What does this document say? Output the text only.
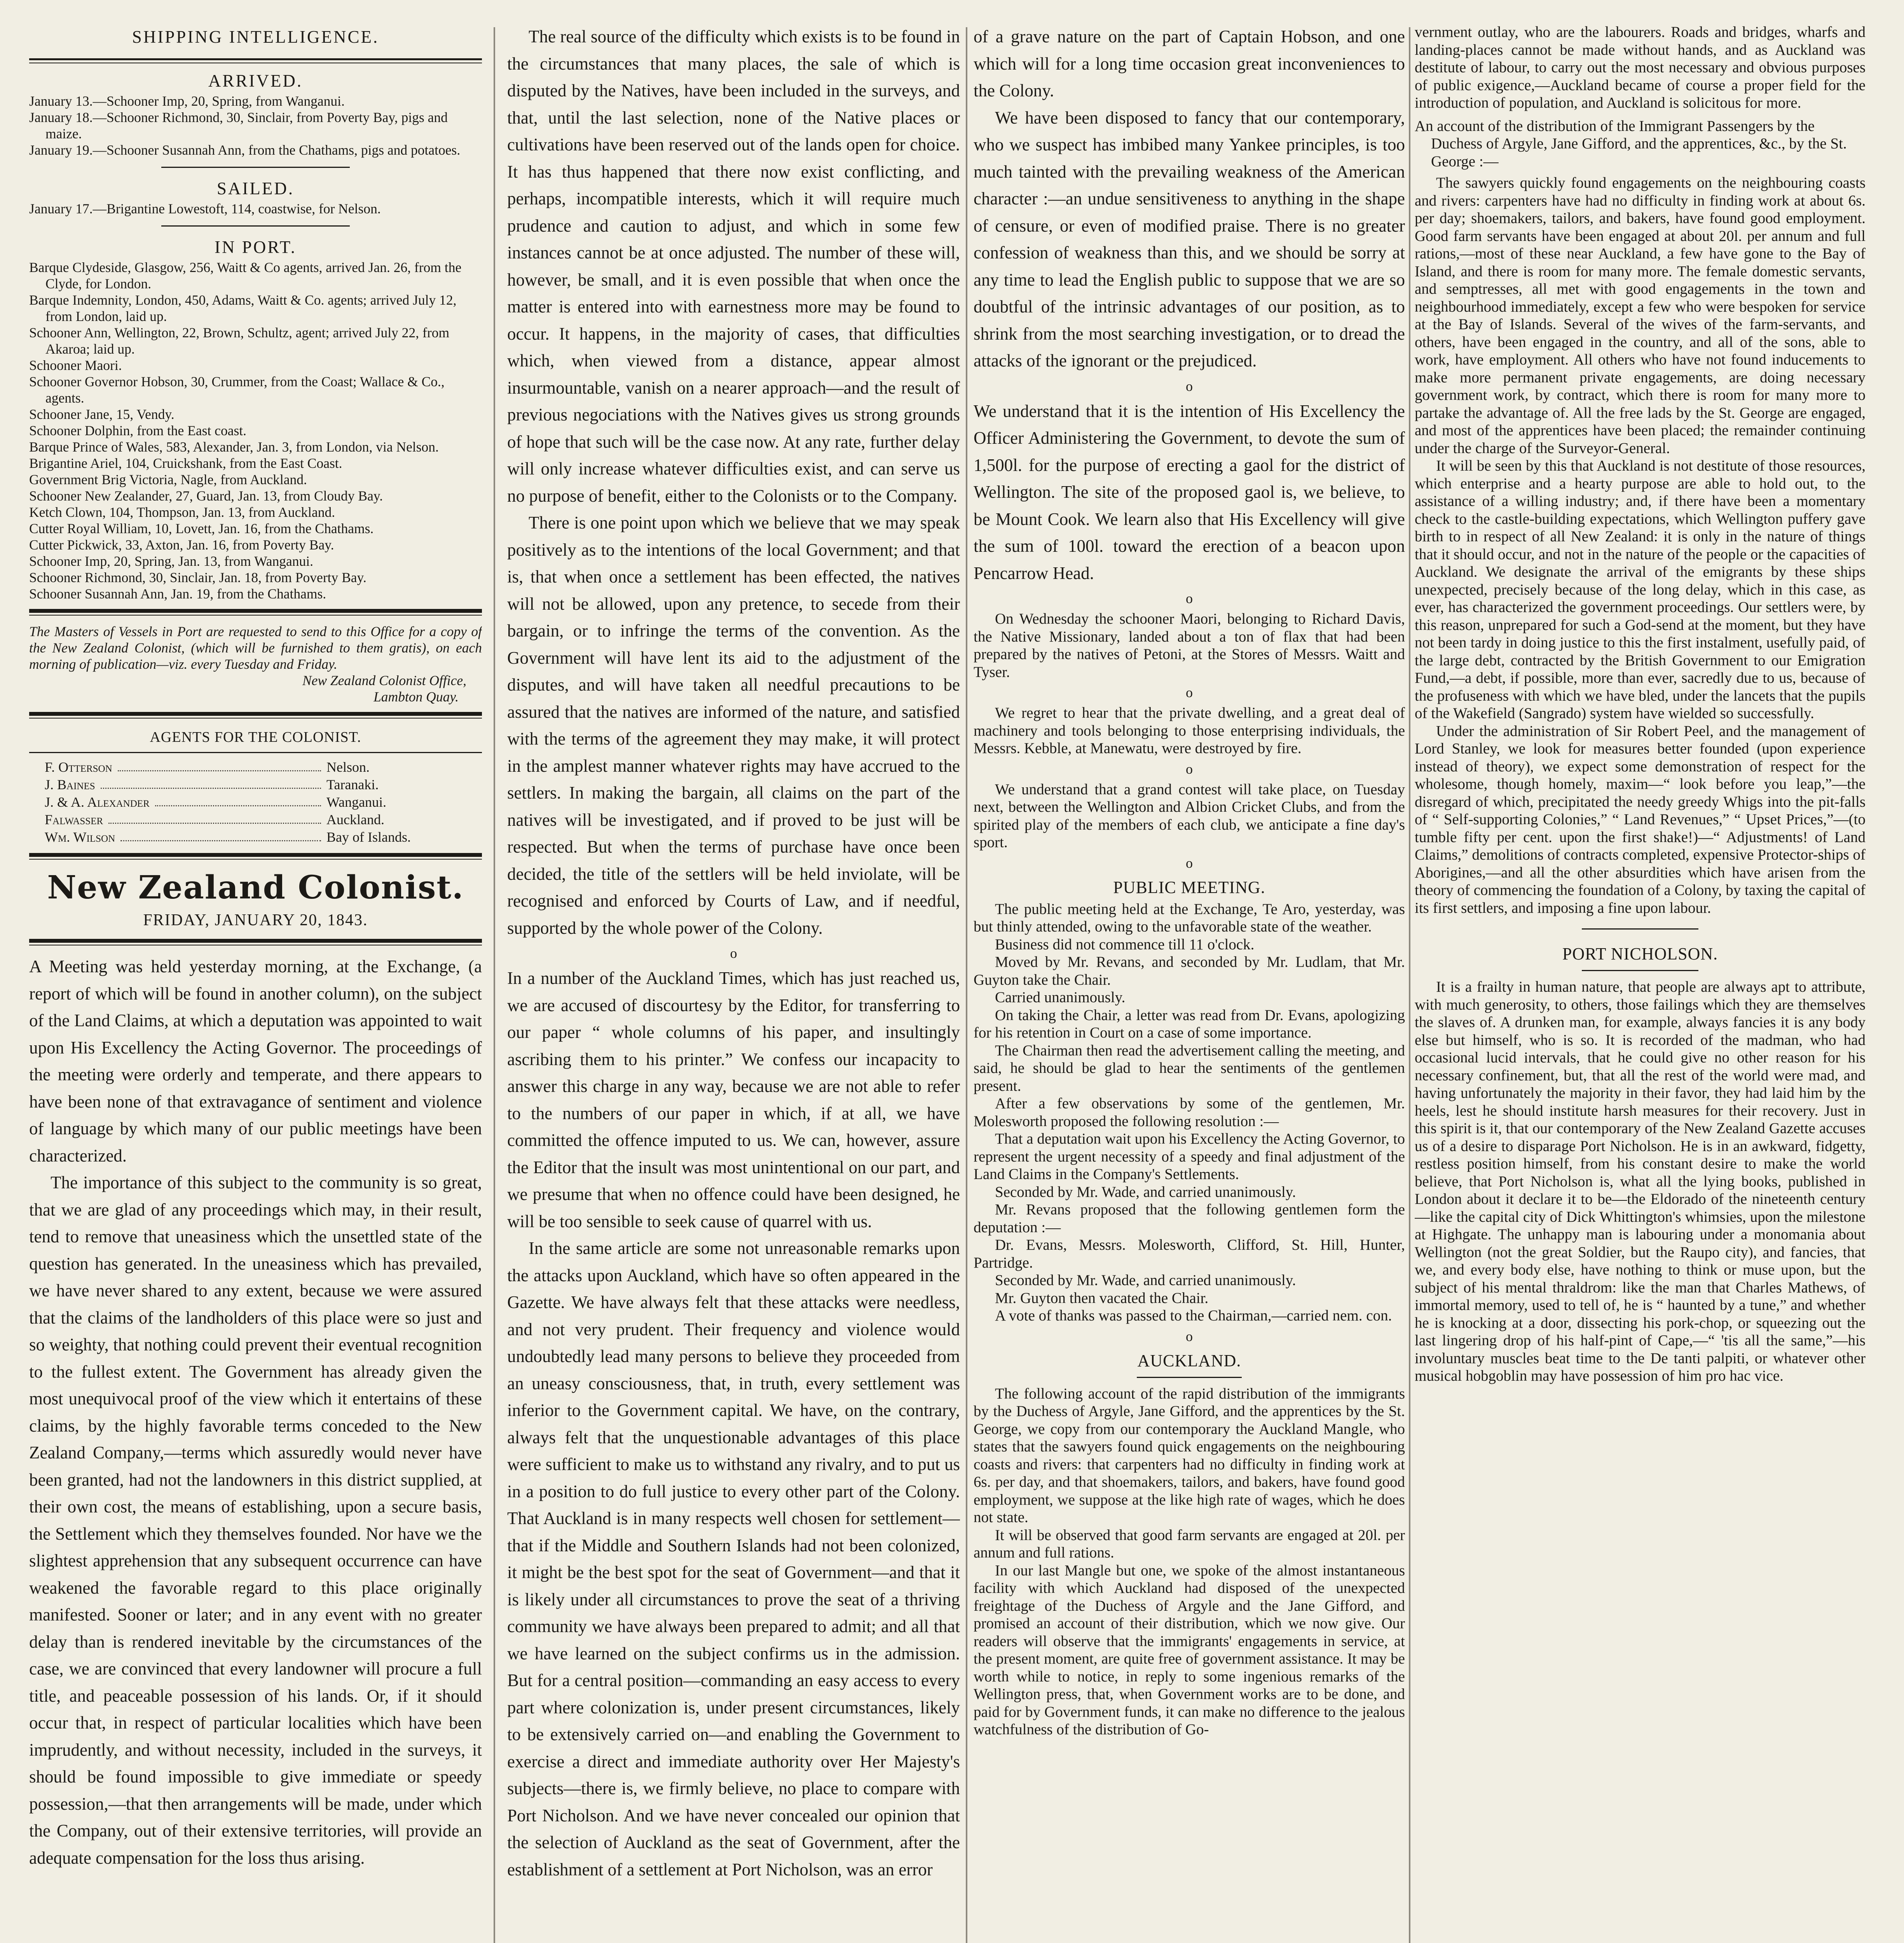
SHIPPING INTELLIGENCE.

ARRIVED.

January 13.—Schooner Imp, 20, Spring, from Wanganui.

January 18.—Schooner Richmond, 30, Sinclair, from Poverty Bay, pigs and maize.

January 19.—Schooner Susannah Ann, from the Chathams, pigs and potatoes.

SAILED.

January 17.—Brigantine Lowestoft, 114, coastwise, for Nelson.

IN PORT.

Barque Clydeside, Glasgow, 256, Waitt & Co agents, arrived Jan. 26, from the Clyde, for London.

Barque Indemnity, London, 450, Adams, Waitt & Co. agents; arrived July 12, from London, laid up.

Schooner Ann, Wellington, 22, Brown, Schultz, agent; arrived July 22, from Akaroa; laid up.

Schooner Maori.

Schooner Governor Hobson, 30, Crummer, from the Coast; Wallace & Co., agents.

Schooner Jane, 15, Vendy.

Schooner Dolphin, from the East coast.

Barque Prince of Wales, 583, Alexander, Jan. 3, from London, via Nelson.

Brigantine Ariel, 104, Cruickshank, from the East Coast.

Government Brig Victoria, Nagle, from Auckland.

Schooner New Zealander, 27, Guard, Jan. 13, from Cloudy Bay.

Ketch Clown, 104, Thompson, Jan. 13, from Auckland.

Cutter Royal William, 10, Lovett, Jan. 16, from the Chathams.

Cutter Pickwick, 33, Axton, Jan. 16, from Poverty Bay.

Schooner Imp, 20, Spring, Jan. 13, from Wanganui.

Schooner Richmond, 30, Sinclair, Jan. 18, from Poverty Bay.

Schooner Susannah Ann, Jan. 19, from the Chathams.

The Masters of Vessels in Port are requested to send to this Office for a copy of the New Zealand Colonist, (which will be furnished to them gratis), on each morning of publication—viz. every Tuesday and Friday.

New Zealand Colonist Office,

Lambton Quay.

AGENTS FOR THE COLONIST.

F. Otterson	Nelson.
J. Baines	Taranaki.
J. & A. Alexander	Wanganui.
Falwasser	Auckland.
Wm. Wilson	Bay of Islands.

New Zealand Colonist.

FRIDAY, JANUARY 20, 1843.

A Meeting was held yesterday morning, at the Exchange, (a report of which will be found in another column), on the subject of the Land Claims, at which a deputation was appointed to wait upon His Excellency the Acting Governor. The proceedings of the meeting were orderly and temperate, and there appears to have been none of that extravagance of sentiment and violence of language by which many of our public meetings have been characterized.

The importance of this subject to the community is so great, that we are glad of any proceedings which may, in their result, tend to remove that uneasiness which the unsettled state of the question has generated. In the uneasiness which has prevailed, we have never shared to any extent, because we were assured that the claims of the landholders of this place were so just and so weighty, that nothing could prevent their eventual recognition to the fullest extent. The Government has already given the most unequivocal proof of the view which it entertains of these claims, by the highly favorable terms conceded to the New Zealand Company,—terms which assuredly would never have been granted, had not the landowners in this district supplied, at their own cost, the means of establishing, upon a secure basis, the Settlement which they themselves founded. Nor have we the slightest apprehension that any subsequent occurrence can have weakened the favorable regard to this place originally manifested. Sooner or later; and in any event with no greater delay than is rendered inevitable by the circumstances of the case, we are convinced that every landowner will procure a full title, and peaceable possession of his lands. Or, if it should occur that, in respect of particular localities which have been imprudently, and without necessity, included in the surveys, it should be found impossible to give immediate or speedy possession,—that then arrangements will be made, under which the Company, out of their extensive territories, will provide an adequate compensation for the loss thus arising.

The real source of the difficulty which exists is to be found in the circumstances that many places, the sale of which is disputed by the Natives, have been included in the surveys, and that, until the last selection, none of the Native places or cultivations have been reserved out of the lands open for choice. It has thus happened that there now exist conflicting, and perhaps, incompatible interests, which it will require much prudence and caution to adjust, and which in some few instances cannot be at once adjusted. The number of these will, however, be small, and it is even possible that when once the matter is entered into with earnestness more may be found to occur. It happens, in the majority of cases, that difficulties which, when viewed from a distance, appear almost insurmountable, vanish on a nearer approach—and the result of previous negociations with the Natives gives us strong grounds of hope that such will be the case now. At any rate, further delay will only increase whatever difficulties exist, and can serve us no purpose of benefit, either to the Colonists or to the Company.

There is one point upon which we believe that we may speak positively as to the intentions of the local Government; and that is, that when once a settlement has been effected, the natives will not be allowed, upon any pretence, to secede from their bargain, or to infringe the terms of the convention. As the Government will have lent its aid to the adjustment of the disputes, and will have taken all needful precautions to be assured that the natives are informed of the nature, and satisfied with the terms of the agreement they may make, it will protect in the amplest manner whatever rights may have accrued to the settlers. In making the bargain, all claims on the part of the natives will be investigated, and if proved to be just will be respected. But when the terms of purchase have once been decided, the title of the settlers will be held inviolate, will be recognised and enforced by Courts of Law, and if needful, supported by the whole power of the Colony.

o

In a number of the Auckland Times, which has just reached us, we are accused of discourtesy by the Editor, for transferring to our paper “ whole columns of his paper, and insultingly ascribing them to his printer.” We confess our incapacity to answer this charge in any way, because we are not able to refer to the numbers of our paper in which, if at all, we have committed the offence imputed to us. We can, however, assure the Editor that the insult was most unintentional on our part, and we presume that when no offence could have been designed, he will be too sensible to seek cause of quarrel with us.

In the same article are some not unreasonable remarks upon the attacks upon Auckland, which have so often appeared in the Gazette. We have always felt that these attacks were needless, and not very prudent. Their frequency and violence would undoubtedly lead many persons to believe they proceeded from an uneasy consciousness, that, in truth, every settlement was inferior to the Government capital. We have, on the contrary, always felt that the unquestionable advantages of this place were sufficient to make us to withstand any rivalry, and to put us in a position to do full justice to every other part of the Colony. That Auckland is in many respects well chosen for settlement—that if the Middle and Southern Islands had not been colonized, it might be the best spot for the seat of Government—and that it is likely under all circumstances to prove the seat of a thriving community we have always been prepared to admit; and all that we have learned on the subject confirms us in the admission. But for a central position—commanding an easy access to every part where colonization is, under present circumstances, likely to be extensively carried on—and enabling the Government to exercise a direct and immediate authority over Her Majesty's subjects—there is, we firmly believe, no place to compare with Port Nicholson. And we have never concealed our opinion that the selection of Auckland as the seat of Government, after the establishment of a settlement at Port Nicholson, was an error

of a grave nature on the part of Captain Hobson, and one which will for a long time occasion great inconveniences to the Colony.

We have been disposed to fancy that our contemporary, who we suspect has imbibed many Yankee principles, is too much tainted with the prevailing weakness of the American character :—an undue sensitiveness to anything in the shape of censure, or even of modified praise. There is no greater confession of weakness than this, and we should be sorry at any time to lead the English public to suppose that we are so doubtful of the intrinsic advantages of our position, as to shrink from the most searching investigation, or to dread the attacks of the ignorant or the prejudiced.

o

We understand that it is the intention of His Excellency the Officer Administering the Government, to devote the sum of 1,500l. for the purpose of erecting a gaol for the district of Wellington. The site of the proposed gaol is, we believe, to be Mount Cook. We learn also that His Excellency will give the sum of 100l. toward the erection of a beacon upon Pencarrow Head.

o

On Wednesday the schooner Maori, belonging to Richard Davis, the Native Missionary, landed about a ton of flax that had been prepared by the natives of Petoni, at the Stores of Messrs. Waitt and Tyser.

o

We regret to hear that the private dwelling, and a great deal of machinery and tools belonging to those enterprising individuals, the Messrs. Kebble, at Manewatu, were destroyed by fire.

o

We understand that a grand contest will take place, on Tuesday next, between the Wellington and Albion Cricket Clubs, and from the spirited play of the members of each club, we anticipate a fine day's sport.

o

PUBLIC MEETING.

The public meeting held at the Exchange, Te Aro, yesterday, was but thinly attended, owing to the unfavorable state of the weather.

Business did not commence till 11 o'clock.

Moved by Mr. Revans, and seconded by Mr. Ludlam, that Mr. Guyton take the Chair.

Carried unanimously.

On taking the Chair, a letter was read from Dr. Evans, apologizing for his retention in Court on a case of some importance.

The Chairman then read the advertisement calling the meeting, and said, he should be glad to hear the sentiments of the gentlemen present.

After a few observations by some of the gentlemen, Mr. Molesworth proposed the following resolution :—

That a deputation wait upon his Excellency the Acting Governor, to represent the urgent necessity of a speedy and final adjustment of the Land Claims in the Company's Settlements.

Seconded by Mr. Wade, and carried unanimously.

Mr. Revans proposed that the following gentlemen form the deputation :—

Dr. Evans, Messrs. Molesworth, Clifford, St. Hill, Hunter, Partridge.

Seconded by Mr. Wade, and carried unanimously.

Mr. Guyton then vacated the Chair.

A vote of thanks was passed to the Chairman,—carried nem. con.

o

AUCKLAND.

The following account of the rapid distribution of the immigrants by the Duchess of Argyle, Jane Gifford, and the apprentices by the St. George, we copy from our contemporary the Auckland Mangle, who states that the sawyers found quick engagements on the neighbouring coasts and rivers: that carpenters had no difficulty in finding work at 6s. per day, and that shoemakers, tailors, and bakers, have found good employment, we suppose at the like high rate of wages, which he does not state.

It will be observed that good farm servants are engaged at 20l. per annum and full rations.

In our last Mangle but one, we spoke of the almost instantaneous facility with which Auckland had disposed of the unexpected freightage of the Duchess of Argyle and the Jane Gifford, and promised an account of their distribution, which we now give. Our readers will observe that the immigrants' engagements in service, at the present moment, are quite free of government assistance. It may be worth while to notice, in reply to some ingenious remarks of the Wellington press, that, when Government works are to be done, and paid for by Government funds, it can make no difference to the jealous watchfulness of the distribution of Go-

vernment outlay, who are the labourers. Roads and bridges, wharfs and landing-places cannot be made without hands, and as Auckland was destitute of labour, to carry out the most necessary and obvious purposes of public exigence,—Auckland became of course a proper field for the introduction of population, and Auckland is solicitous for more.

An account of the distribution of the Immigrant Passengers by the Duchess of Argyle, Jane Gifford, and the apprentices, &c., by the St. George :—

The sawyers quickly found engagements on the neighbouring coasts and rivers: carpenters have had no difficulty in finding work at about 6s. per day; shoemakers, tailors, and bakers, have found good employment. Good farm servants have been engaged at about 20l. per annum and full rations,—most of these near Auckland, a few have gone to the Bay of Island, and there is room for many more. The female domestic servants, and semptresses, all met with good engagements in the town and neighbourhood immediately, except a few who were bespoken for service at the Bay of Islands. Several of the wives of the farm-servants, and others, have been engaged in the country, and all of the sons, able to work, have employment. All others who have not found inducements to make more permanent private engagements, are doing necessary government work, by contract, which there is room for many more to partake the advantage of. All the free lads by the St. George are engaged, and most of the apprentices have been placed; the remainder continuing under the charge of the Surveyor-General.

It will be seen by this that Auckland is not destitute of those resources, which enterprise and a hearty purpose are able to hold out, to the assistance of a willing industry; and, if there have been a momentary check to the castle-building expectations, which Wellington puffery gave birth to in respect of all New Zealand: it is only in the nature of things that it should occur, and not in the nature of the people or the capacities of Auckland. We designate the arrival of the emigrants by these ships unexpected, precisely because of the long delay, which in this case, as ever, has characterized the government proceedings. Our settlers were, by this reason, unprepared for such a God-send at the moment, but they have not been tardy in doing justice to this the first instalment, usefully paid, of the large debt, contracted by the British Government to our Emigration Fund,—a debt, if possible, more than ever, sacredly due to us, because of the profuseness with which we have bled, under the lancets that the pupils of the Wakefield (Sangrado) system have wielded so successfully.

Under the administration of Sir Robert Peel, and the management of Lord Stanley, we look for measures better founded (upon experience instead of theory), we expect some demonstration of respect for the wholesome, though homely, maxim—“ look before you leap,”—the disregard of which, precipitated the needy greedy Whigs into the pit-falls of “ Self-supporting Colonies,” “ Land Revenues,” “ Upset Prices,”—(to tumble fifty per cent. upon the first shake!)—“ Adjustments! of Land Claims,” demolitions of contracts completed, expensive Protector-ships of Aborigines,—and all the other absurdities which have arisen from the theory of commencing the foundation of a Colony, by taxing the capital of its first settlers, and imposing a fine upon labour.

PORT NICHOLSON.

It is a frailty in human nature, that people are always apt to attribute, with much generosity, to others, those failings which they are themselves the slaves of. A drunken man, for example, always fancies it is any body else but himself, who is so. It is recorded of the madman, who had occasional lucid intervals, that he could give no other reason for his necessary confinement, but, that all the rest of the world were mad, and having unfortunately the majority in their favor, they had laid him by the heels, lest he should institute harsh measures for their recovery. Just in this spirit is it, that our contemporary of the New Zealand Gazette accuses us of a desire to disparage Port Nicholson. He is in an awkward, fidgetty, restless position himself, from his constant desire to make the world believe, that Port Nicholson is, what all the lying books, published in London about it declare it to be—the Eldorado of the nineteenth century—like the capital city of Dick Whittington's whimsies, upon the milestone at Highgate. The unhappy man is labouring under a monomania about Wellington (not the great Soldier, but the Raupo city), and fancies, that we, and every body else, have nothing to think or muse upon, but the subject of his mental thraldrom: like the man that Charles Mathews, of immortal memory, used to tell of, he is “ haunted by a tune,” and whether he is knocking at a door, dissecting his pork-chop, or squeezing out the last lingering drop of his half-pint of Cape,—“ 'tis all the same,”—his involuntary muscles beat time to the De tanti palpiti, or whatever other musical hobgoblin may have possession of him pro hac vice.
